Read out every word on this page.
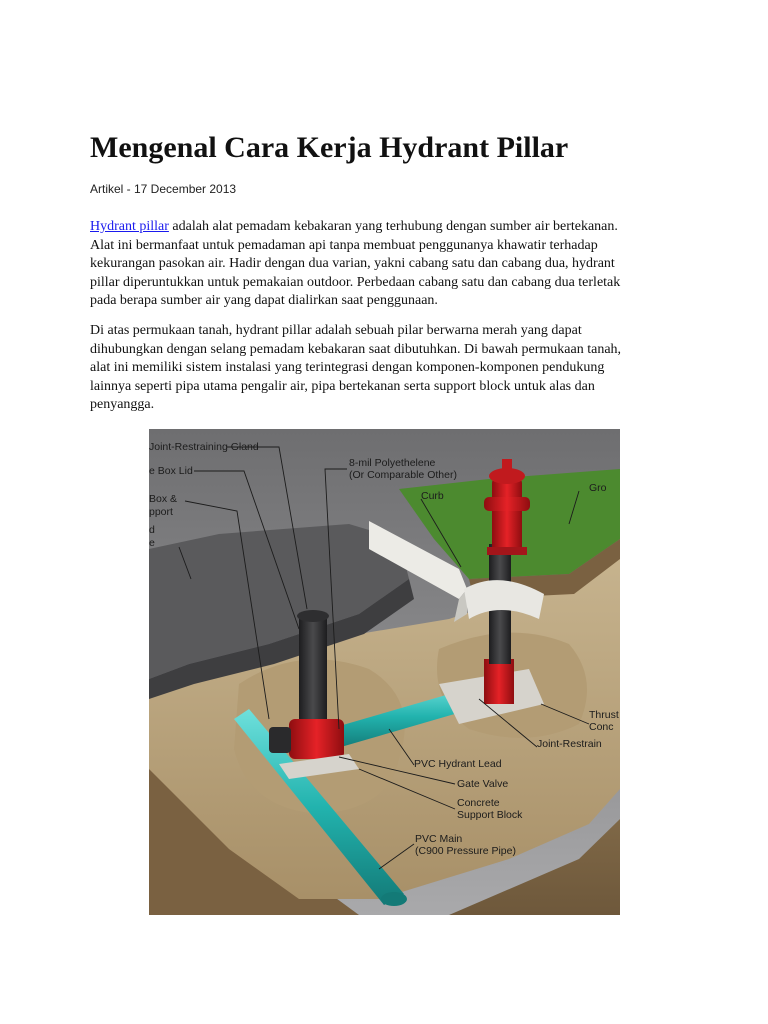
Mengenal Cara Kerja Hydrant Pillar

Artikel - 17 December 2013

Hydrant pillar adalah alat pemadam kebakaran yang terhubung dengan sumber air bertekanan.
Alat ini bermanfaat untuk pemadaman api tanpa membuat penggunanya khawatir terhadap
kekurangan pasokan air. Hadir dengan dua varian, yakni cabang satu dan cabang dua, hydrant
pillar diperuntukkan untuk pemakaian outdoor. Perbedaan cabang satu dan cabang dua terletak
pada berapa sumber air yang dapat dialirkan saat penggunaan.

Di atas permukaan tanah, hydrant pillar adalah sebuah pilar berwarna merah yang dapat
dihubungkan dengan selang pemadam kebakaran saat dibutuhkan. Di bawah permukaan tanah,
alat ini memiliki sistem instalasi yang terintegrasi dengan komponen-komponen pendukung
lainnya seperti pipa utama pengalir air, pipa bertekanan serta support block untuk alas dan
penyangga.

Joint-Restraining Gland
e Box Lid
Box &
pport
d
e
8-mil Polyethelene
(Or Comparable Other)
Curb
Gro
Thrust
Conc
Joint-Restrain
PVC Hydrant Lead
Gate Valve
Concrete
Support Block
PVC Main
(C900 Pressure Pipe)
